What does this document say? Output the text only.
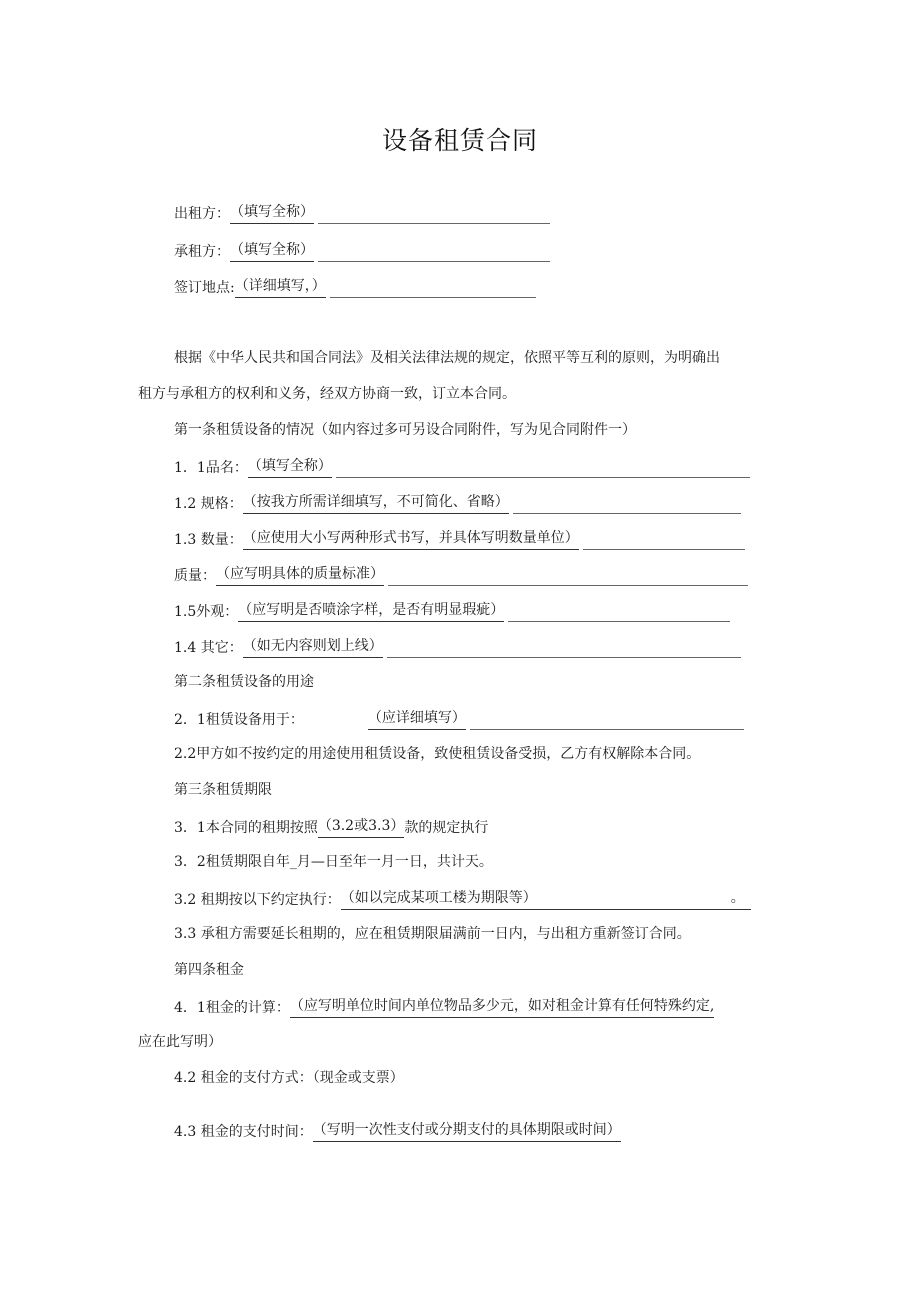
设备租赁合同
出租方： （填写全称）
承租方： （填写全称）
签订地点: （详细填写，）
根据《中华人民共和国合同法》及相关法律法规的规定，依照平等互利的原则，为明确出
租方与承租方的权利和义务，经双方协商一致，订立本合同。
第一条租赁设备的情况（如内容过多可另设合同附件，写为见合同附件一）
1．1品名： （填写全称）
1.2 规格： （按我方所需详细填写，不可简化、省略）
1.3 数量： （应使用大小写两种形式书写，并具体写明数量单位）
质量： （应写明具体的质量标准）
1.5外观： （应写明是否喷涂字样，是否有明显瑕疵）
1.4 其它： （如无内容则划上线）
第二条租赁设备的用途
2．1租赁设备用于：	（应详细填写）
2.2甲方如不按约定的用途使用租赁设备，致使租赁设备受损，乙方有权解除本合同。
第三条租赁期限
3．1本合同的租期按照 （3.2或3.3） 款的规定执行
3．2租赁期限自年_月—日至年一月一日，共计天。
3.2 租期按以下约定执行： （如以完成某项工楼为期限等）	。
3.3 承租方需要延长租期的，应在租赁期限届满前一日内，与出租方重新签订合同。
第四条租金
4．1租金的计算： （应写明单位时间内单位物品多少元，如对租金计算有任何特殊约定,
应在此写明）
4.2 租金的支付方式：（现金或支票）
4.3 租金的支付时间： （写明一次性支付或分期支付的具体期限或时间）
